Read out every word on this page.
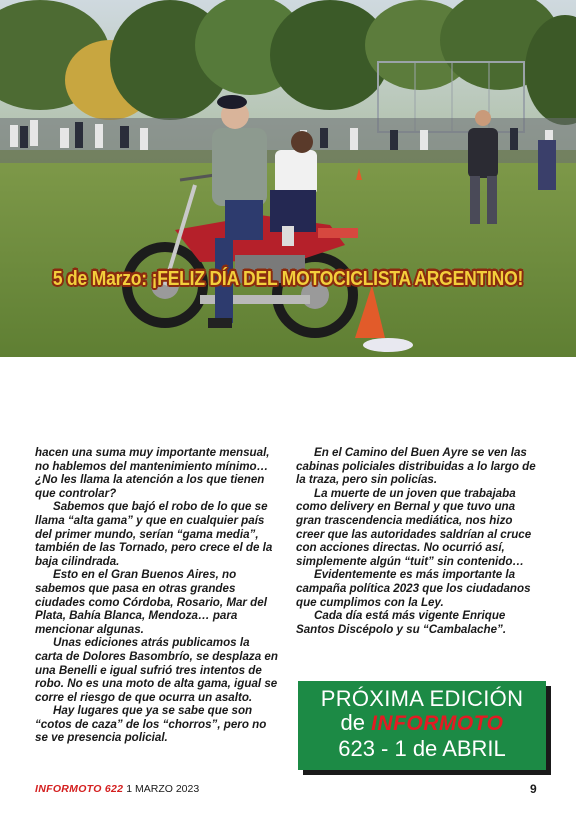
5 de Marzo: ¡FELIZ DÍA DEL MOTOCICLISTA ARGENTINO!

hacen una suma muy importante mensual, no hablemos del mantenimiento mínimo… ¿No les llama la atención a los que tienen que controlar?

Sabemos que bajó el robo de lo que se llama “alta gama” y que en cualquier país del primer mundo, serían “gama media”, también de las Tornado, pero crece el de la baja cilindrada.

Esto en el Gran Buenos Aires, no sabemos que pasa en otras grandes ciudades como Córdoba, Rosario, Mar del Plata, Bahía Blanca, Mendoza… para mencionar algunas.

Unas ediciones atrás publicamos la carta de Dolores Basombrío, se desplaza en una Benelli e igual sufrió tres intentos de robo. No es una moto de alta gama, igual se corre el riesgo de que ocurra un asalto.

Hay lugares que ya se sabe que son “cotos de caza” de los “chorros”, pero no se ve presencia policial.

En el Camino del Buen Ayre se ven las cabinas policiales distribuidas a lo largo de la traza, pero sin policías.

La muerte de un joven que trabajaba como delivery en Bernal y que tuvo una gran trascendencia mediática, nos hizo creer que las autoridades saldrían al cruce con acciones directas. No ocurrió así, simplemente algún “tuit” sin contenido…

Evidentemente es más importante la campaña política 2023 que los ciudadanos que cumplimos con la Ley.

Cada día está más vigente Enrique Santos Discépolo y su “Cambalache”.

PRÓXIMA EDICIÓN
de INFORMOTO
623 - 1 de ABRIL
INFORMOTO 622 1 MARZO 2023	9
